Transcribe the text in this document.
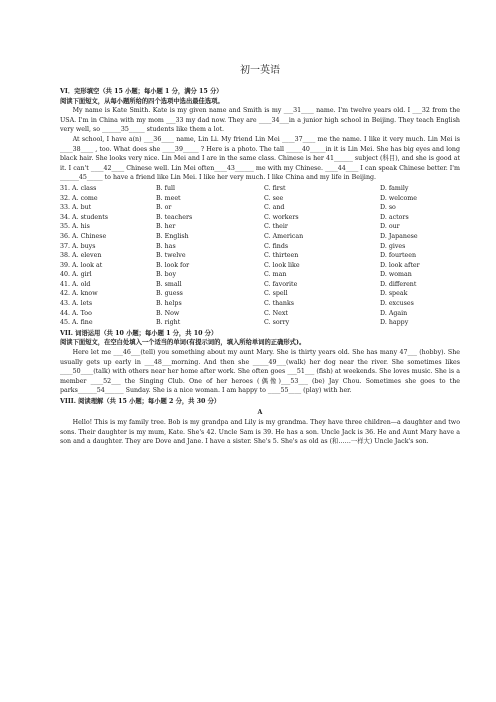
初一英语
VI．完形填空（共 15 小题；每小题 1 分，满分 15 分）
阅读下面短文，从每小题所给的四个选项中选出最佳选项。

My name is Kate Smith. Kate is my given name and Smith is my ___31____ name. I'm twelve years old. I ___32 from the USA. I'm in China with my mom ___33 my dad now. They are ____34___in a junior high school in Beijing. They teach English very well, so ______35_____ students like them a lot.

At school, I have a(n) ___36____ name, Lin Li. My friend Lin Mei ____37____ me the name. I like it very much. Lin Mei is ____38____ , too. What does she ____39_____ ? Here is a photo. The tall _____40_____in it is Lin Mei. She has big eyes and long black hair. She looks very nice. Lin Mei and I are in the same class. Chinese is her 41______ subject (科目), and she is good at it. I can't ____42____ Chinese well. Lin Mei often____43______ me with my Chinese. ____44____ I can speak Chinese better. I'm ______45_____ to have a friend like Lin Mei. I like her very much. I like China and my life in Beijing.

31. A. class	B. full	C. first	D. family
32. A. come	B. meet	C. see	D. welcome
33. A. but	B. or	C. and	D. so
34. A. students	B. teachers	C. workers	D. actors
35. A. his	B. her	C. their	D. our
36. A. Chinese	B. English	C. American	D. Japanese
37. A. buys	B. has	C. finds	D. gives
38. A. eleven	B. twelve	C. thirteen	D. fourteen
39. A. look at	B. look for	C. look like	D. look after
40. A. girl	B. boy	C. man	D. woman
41. A. old	B. small	C. favorite	D. different
42. A. know	B. guess	C. spell	D. speak
43. A. lets	B. helps	C. thanks	D. excuses
44. A. Too	B. Now	C. Next	D. Again
45. A. fine	B. right	C. sorry	D. happy
VII. 词语运用（共 10 小题；每小题 1 分，共 10 分）
阅读下面短文，在空白处填入一个适当的单词(有提示词的，填入所给单词的正确形式)。

Here let me ___46___(tell) you something about my aunt Mary. She is thirty years old. She has many 47___ (hobby). She usually gets up early in ___48___morning. And then she _____49___(walk) her dog near the river. She sometimes likes ____50____(talk) with others near her home after work. She often goes ___51___ (fish) at weekends. She loves music. She is a member ____52___ the Singing Club. One of her heroes (偶像)___53___ (be) Jay Chou. Sometimes she goes to the parks______54______ Sunday. She is a nice woman. I am happy to ____55____ (play) with her.

VIII. 阅读理解（共 15 小题；每小题 2 分，共 30 分）
A

Hello! This is my family tree. Bob is my grandpa and Lily is my grandma. They have three children—a daughter and two sons. Their daughter is my mum, Kate. She's 42. Uncle Sam is 39. He has a son. Uncle Jack is 36. He and Aunt Mary have a son and a daughter. They are Dove and Jane. I have a sister. She's 5. She's as old as (和……一样大) Uncle Jack's son.
